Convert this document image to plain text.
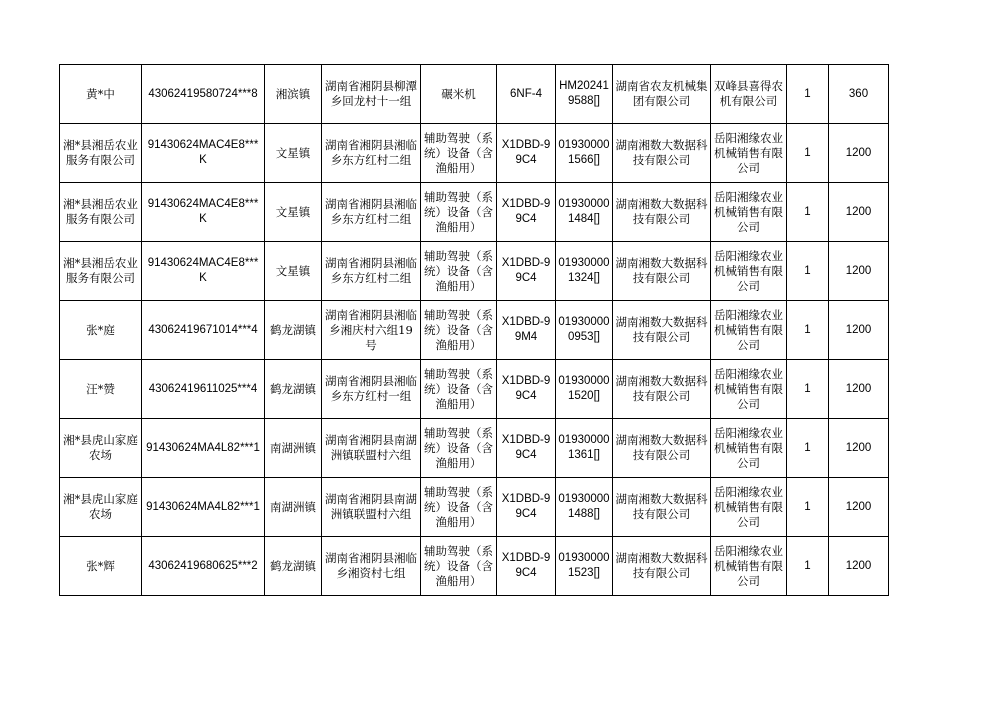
黄*中	43062419580724***8	湘滨镇	湖南省湘阴县柳潭乡回龙村十一组	碾米机	6NF-4	HM202419588[]	湖南省农友机械集团有限公司	双峰县喜得农机有限公司	1	360
湘*县湘岳农业服务有限公司	91430624MAC4E8***K	文星镇	湖南省湘阴县湘临乡东方红村二组	辅助驾驶（系统）设备（含渔船用）	X1DBD-99C4	019300001566[]	湖南湘数大数据科技有限公司	岳阳湘缘农业机械销售有限公司	1	1200
湘*县湘岳农业服务有限公司	91430624MAC4E8***K	文星镇	湖南省湘阴县湘临乡东方红村二组	辅助驾驶（系统）设备（含渔船用）	X1DBD-99C4	019300001484[]	湖南湘数大数据科技有限公司	岳阳湘缘农业机械销售有限公司	1	1200
湘*县湘岳农业服务有限公司	91430624MAC4E8***K	文星镇	湖南省湘阴县湘临乡东方红村二组	辅助驾驶（系统）设备（含渔船用）	X1DBD-99C4	019300001324[]	湖南湘数大数据科技有限公司	岳阳湘缘农业机械销售有限公司	1	1200
张*庭	43062419671014***4	鹤龙湖镇	湖南省湘阴县湘临乡湘庆村六组19号	辅助驾驶（系统）设备（含渔船用）	X1DBD-99M4	019300000953[]	湖南湘数大数据科技有限公司	岳阳湘缘农业机械销售有限公司	1	1200
汪*赞	43062419611025***4	鹤龙湖镇	湖南省湘阴县湘临乡东方红村一组	辅助驾驶（系统）设备（含渔船用）	X1DBD-99C4	019300001520[]	湖南湘数大数据科技有限公司	岳阳湘缘农业机械销售有限公司	1	1200
湘*县虎山家庭农场	91430624MA4L82***1	南湖洲镇	湖南省湘阴县南湖洲镇联盟村六组	辅助驾驶（系统）设备（含渔船用）	X1DBD-99C4	019300001361[]	湖南湘数大数据科技有限公司	岳阳湘缘农业机械销售有限公司	1	1200
湘*县虎山家庭农场	91430624MA4L82***1	南湖洲镇	湖南省湘阴县南湖洲镇联盟村六组	辅助驾驶（系统）设备（含渔船用）	X1DBD-99C4	019300001488[]	湖南湘数大数据科技有限公司	岳阳湘缘农业机械销售有限公司	1	1200
张*辉	43062419680625***2	鹤龙湖镇	湖南省湘阴县湘临乡湘资村七组	辅助驾驶（系统）设备（含渔船用）	X1DBD-99C4	019300001523[]	湖南湘数大数据科技有限公司	岳阳湘缘农业机械销售有限公司	1	1200
